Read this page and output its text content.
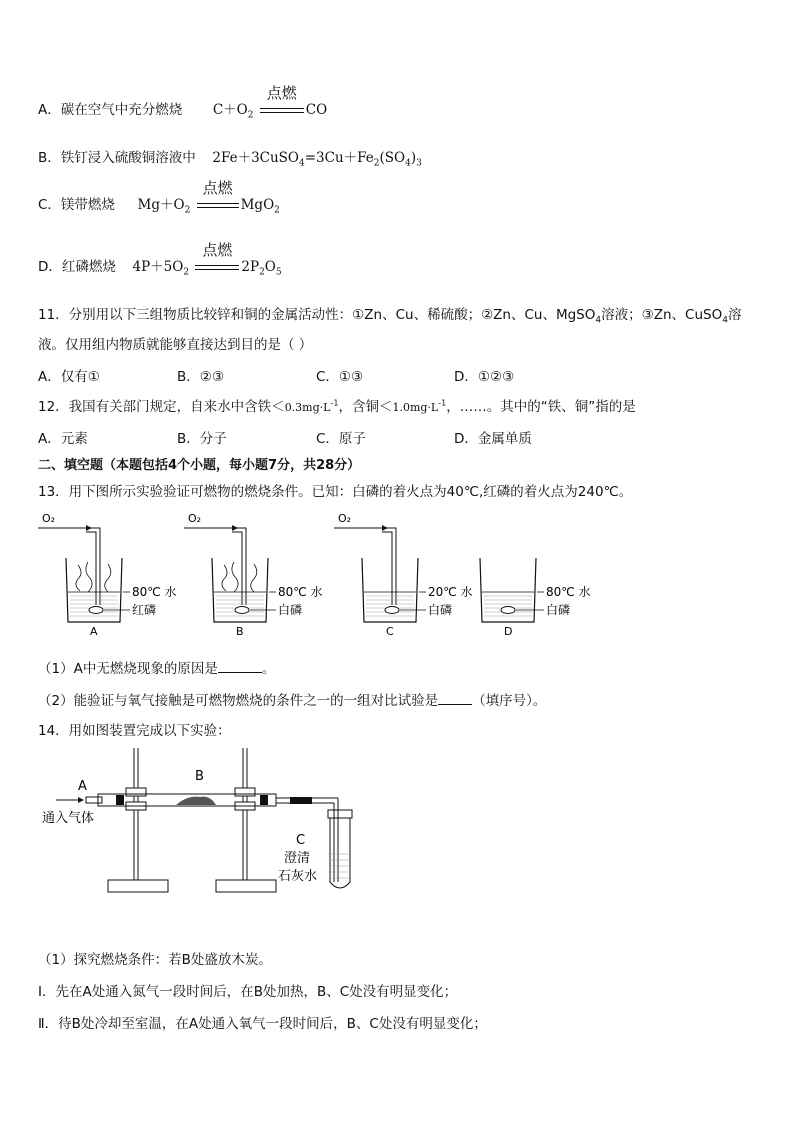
A．碳在空气中充分燃烧 $C+O_2$
点燃
CO
B．铁钉浸入硫酸铜溶液中 $2Fe+3CuSO_4=3Cu+Fe_2(SO_4)_3$
C．镁带燃烧 $Mg+O_2$
点燃
MgO$_2$
D．红磷燃烧 $4P+5O_2$
点燃
$2P_2O_5$
11．分别用以下三组物质比较锌和铜的金属活动性：①Zn、Cu、稀硫酸；②Zn、Cu、MgSO$_4$溶液；③Zn、CuSO$_4$溶
液。仅用组内物质就能够直接达到目的是（ ）
A．仅有①	B．②③	C．①③	D．①②③
12．我国有关部门规定，自来水中含铁$<0.3mg\cdot L^{-1}$，含铜$<1.0mg\cdot L^{-1}$，……。其中的“铁、铜”指的是
A．元素	B．分子	C．原子	D．金属单质
二、填空题（本题包括4个小题，每小题7分，共28分）
13．用下图所示实验验证可燃物的燃烧条件。已知：白磷的着火点为40℃,红磷的着火点为240℃。
O₂
80℃ 水
红磷
A
O₂
80℃ 水
白磷
B
O₂
20℃ 水
白磷
C
80℃ 水
白磷
D
（1）A中无燃烧现象的原因是	。
（2）能验证与氧气接触是可燃物燃烧的条件之一的一组对比试验是	（填序号）。
14．用如图装置完成以下实验：
A
B
C
通入气体
澄清
石灰水
（1）探究燃烧条件：若B处盛放木炭。
Ⅰ．先在A处通入氮气一段时间后，在B处加热，B、C处没有明显变化；
Ⅱ．待B处冷却至室温，在A处通入氧气一段时间后，B、C处没有明显变化；
